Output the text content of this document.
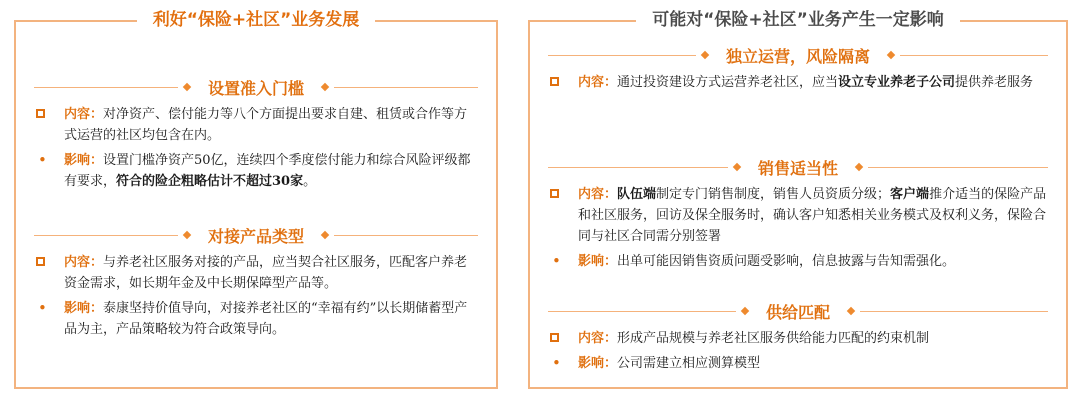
利好“保险+社区”业务发展
设置准入门槛
内容：对净资产、偿付能力等八个方面提出要求自建、租赁或合作等方式运营的社区均包含在内。
• 影响：设置门槛净资产50亿，连续四个季度偿付能力和综合风险评级都有要求，符合的险企粗略估计不超过30家。
对接产品类型
内容：与养老社区服务对接的产品，应当契合社区服务，匹配客户养老资金需求，如长期年金及中长期保障型产品等。
• 影响：泰康坚持价值导向，对接养老社区的“幸福有约”以长期储蓄型产品为主，产品策略较为符合政策导向。
可能对“保险+社区”业务产生一定影响
独立运营，风险隔离
内容：通过投资建设方式运营养老社区，应当设立专业养老子公司提供养老服务
销售适当性
内容：队伍端制定专门销售制度，销售人员资质分级；客户端推介适当的保险产品和社区服务，回访及保全服务时，确认客户知悉相关业务模式及权利义务，保险合同与社区合同需分别签署
• 影响：出单可能因销售资质问题受影响，信息披露与告知需强化。
供给匹配
内容：形成产品规模与养老社区服务供给能力匹配的约束机制
• 影响：公司需建立相应测算模型
